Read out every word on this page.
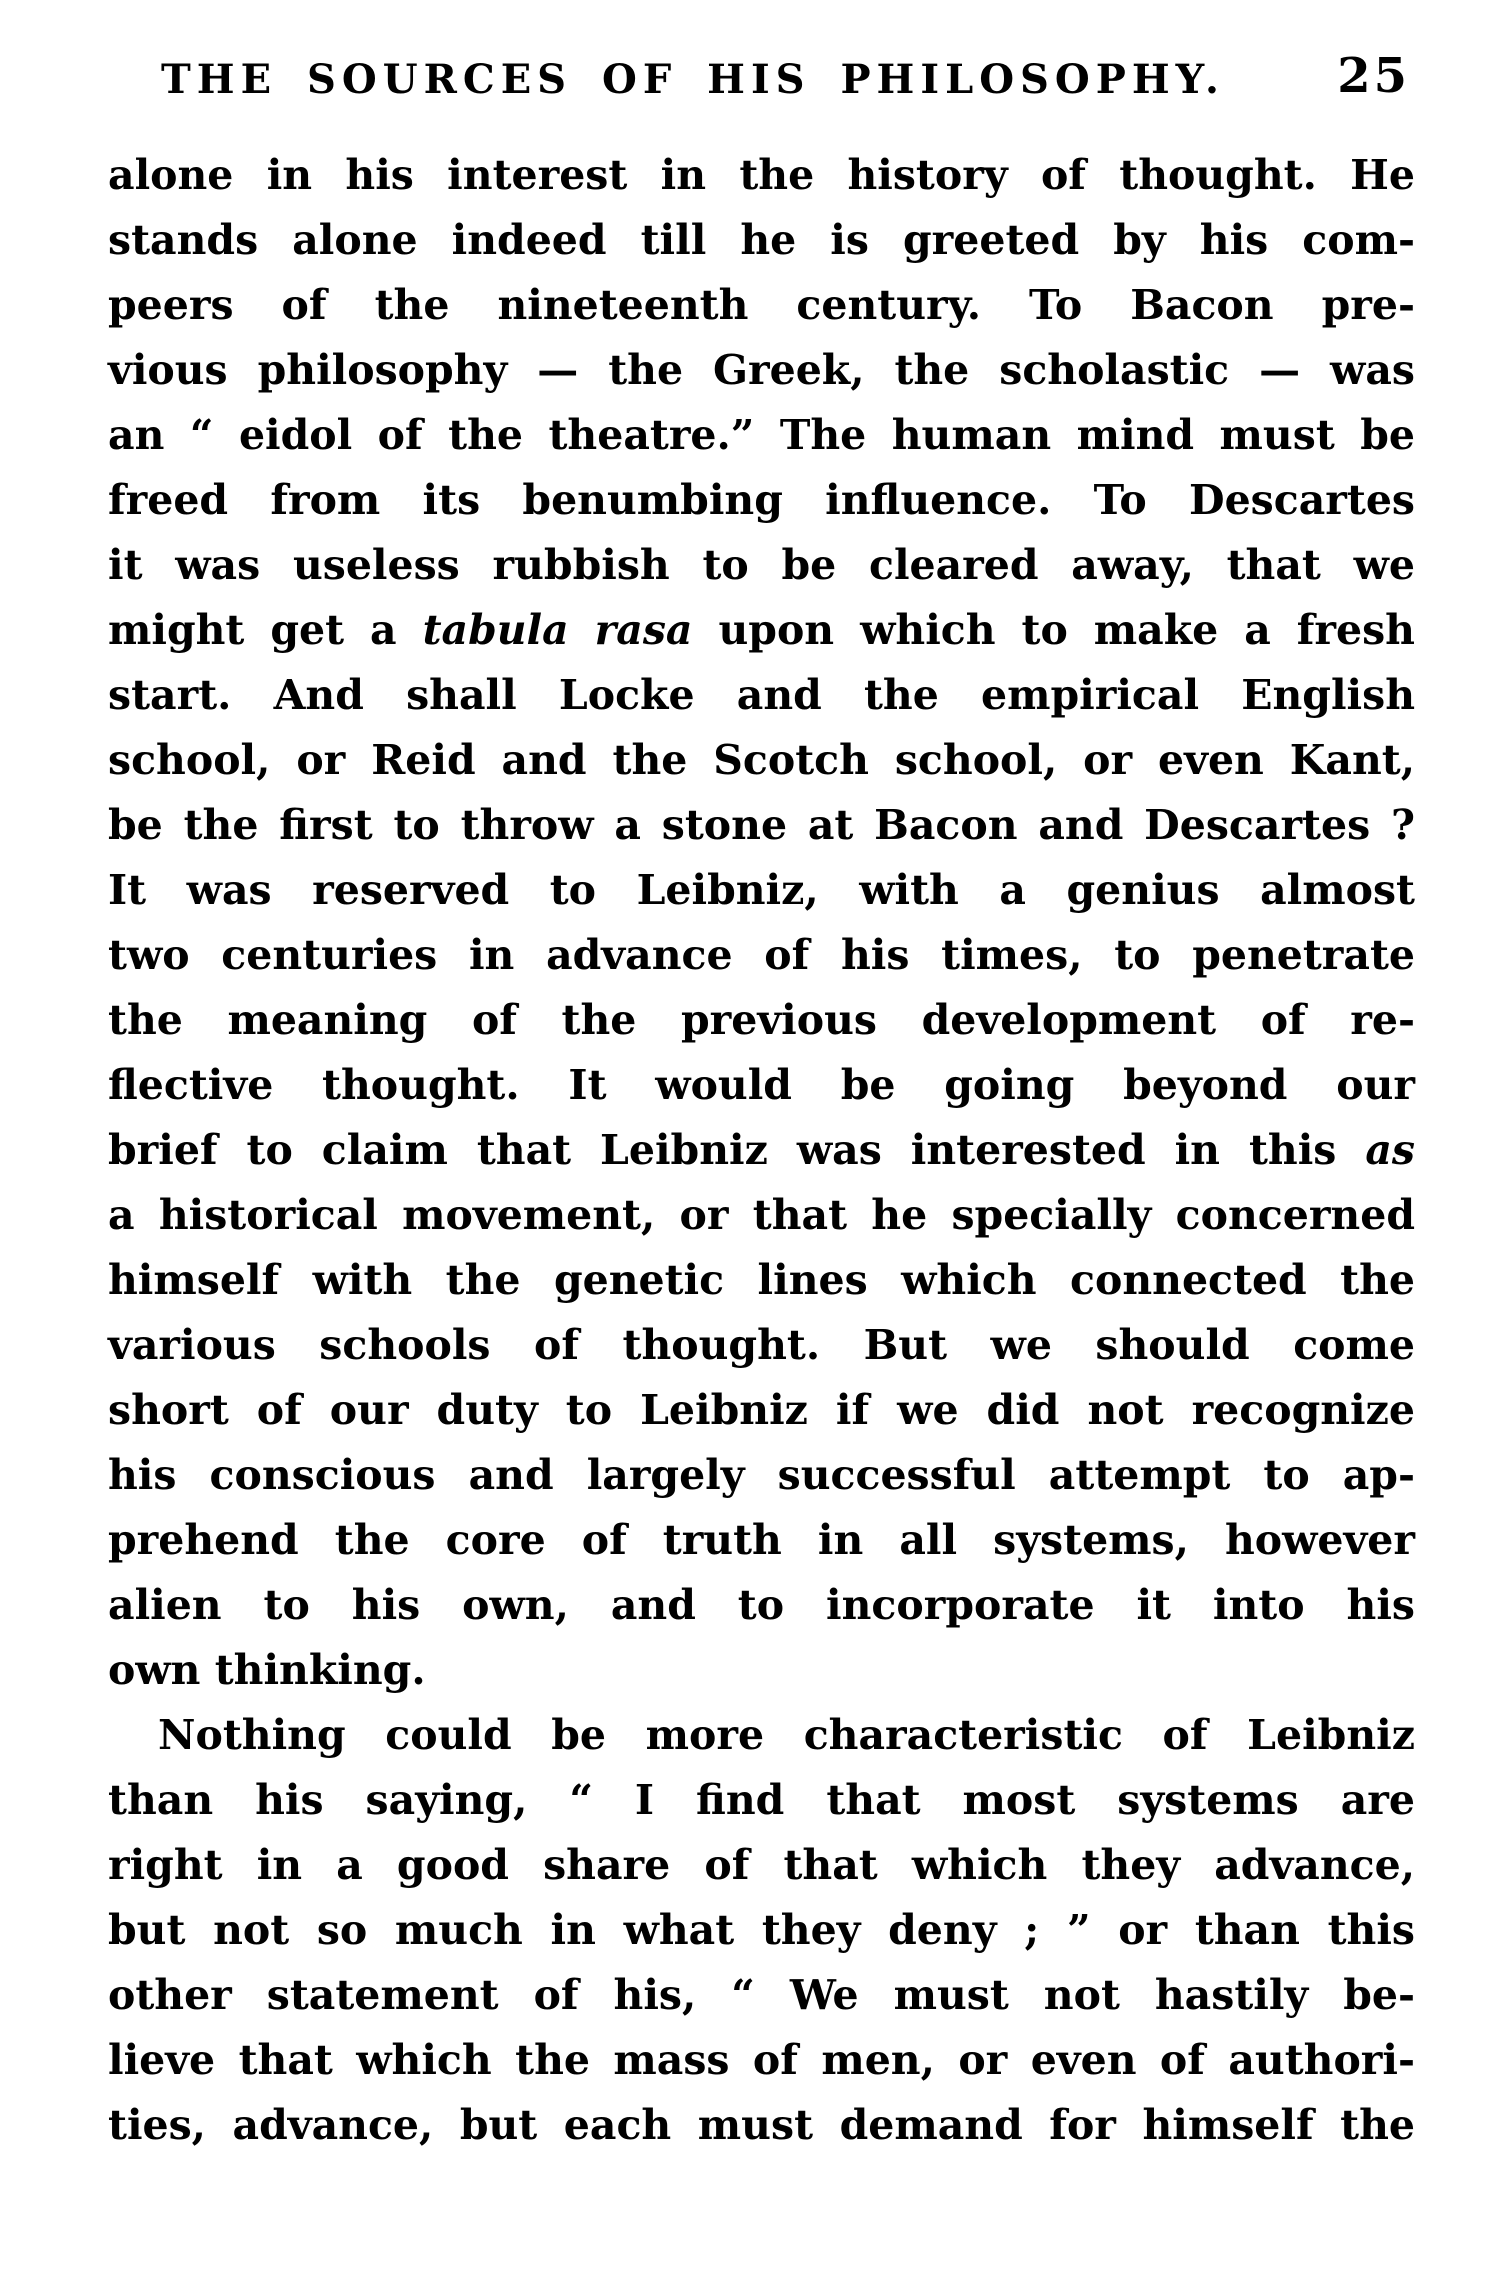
THE SOURCES OF HIS PHILOSOPHY. 25
alone in his interest in the history of thought. He
stands alone indeed till he is greeted by his com-
peers of the nineteenth century. To Bacon pre-
vious philosophy — the Greek, the scholastic — was
an “ eidol of the theatre.” The human mind must be
freed from its benumbing influence. To Descartes
it was useless rubbish to be cleared away, that we
might get a tabula rasa upon which to make a fresh
start. And shall Locke and the empirical English
school, or Reid and the Scotch school, or even Kant,
be the first to throw a stone at Bacon and Descartes ?
It was reserved to Leibniz, with a genius almost
two centuries in advance of his times, to penetrate
the meaning of the previous development of re-
flective thought. It would be going beyond our
brief to claim that Leibniz was interested in this as
a historical movement, or that he specially concerned
himself with the genetic lines which connected the
various schools of thought. But we should come
short of our duty to Leibniz if we did not recognize
his conscious and largely successful attempt to ap-
prehend the core of truth in all systems, however
alien to his own, and to incorporate it into his
own thinking.
Nothing could be more characteristic of Leibniz
than his saying, “ I find that most systems are
right in a good share of that which they advance,
but not so much in what they deny ; ” or than this
other statement of his, “ We must not hastily be-
lieve that which the mass of men, or even of authori-
ties, advance, but each must demand for himself the
